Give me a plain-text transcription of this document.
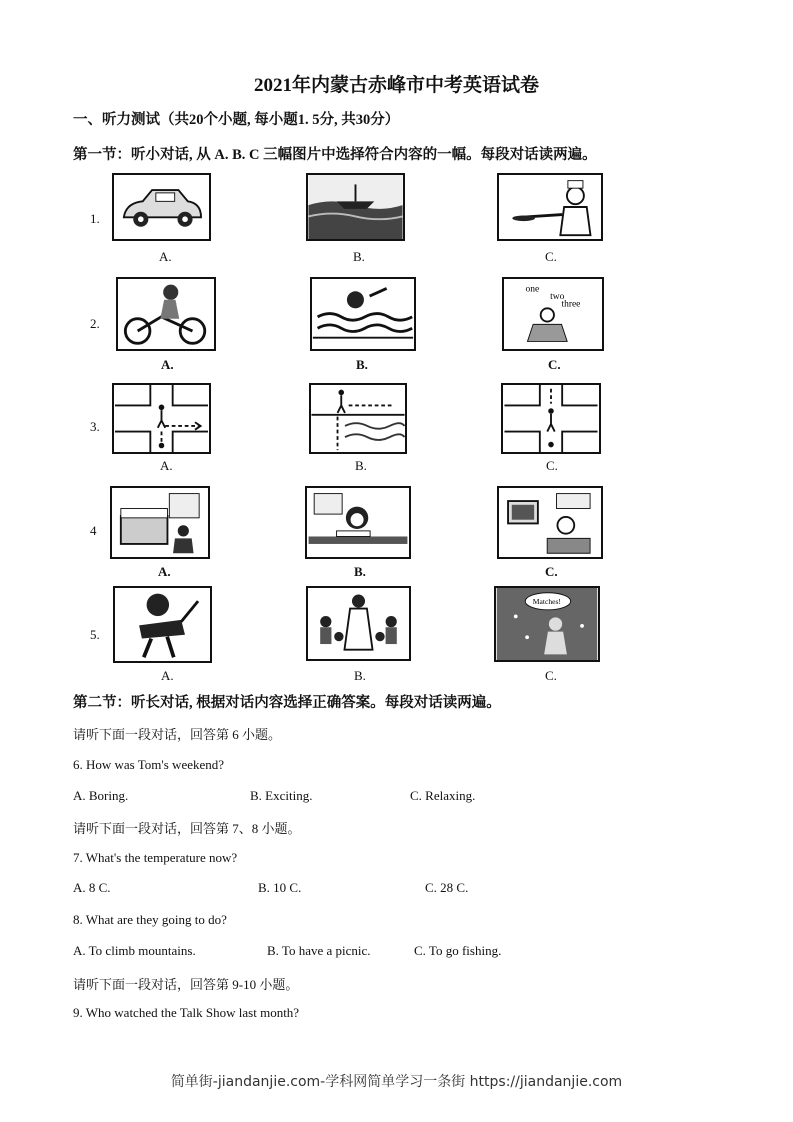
2021年内蒙古赤峰市中考英语试卷
一、听力测试（共20个小题, 每小题1. 5分, 共30分）
第一节：听小对话, 从 A. B. C 三幅图片中选择符合内容的一幅。每段对话读两遍。
1.
A.	B.	C.
2.
one
two
three
A.	B.	C.
3.
A.	B.	C.
4
A.	B.	C.
5.
Matches!
A.	B.	C.
第二节：听长对话, 根据对话内容选择正确答案。每段对话读两遍。
请听下面一段对话，回答第 6 小题。
6. How was Tom's weekend?
A. Boring.	B. Exciting.	C. Relaxing.
请听下面一段对话，回答第 7、8 小题。
7. What's the temperature now?
A. 8 C.	B. 10 C.	C. 28 C.
8. What are they going to do?
A. To climb mountains.	B. To have a picnic.	C. To go fishing.
请听下面一段对话，回答第 9-10 小题。
9. Who watched the Talk Show last month?
简单街-jiandanjie.com-学科网简单学习一条街 https://jiandanjie.com
